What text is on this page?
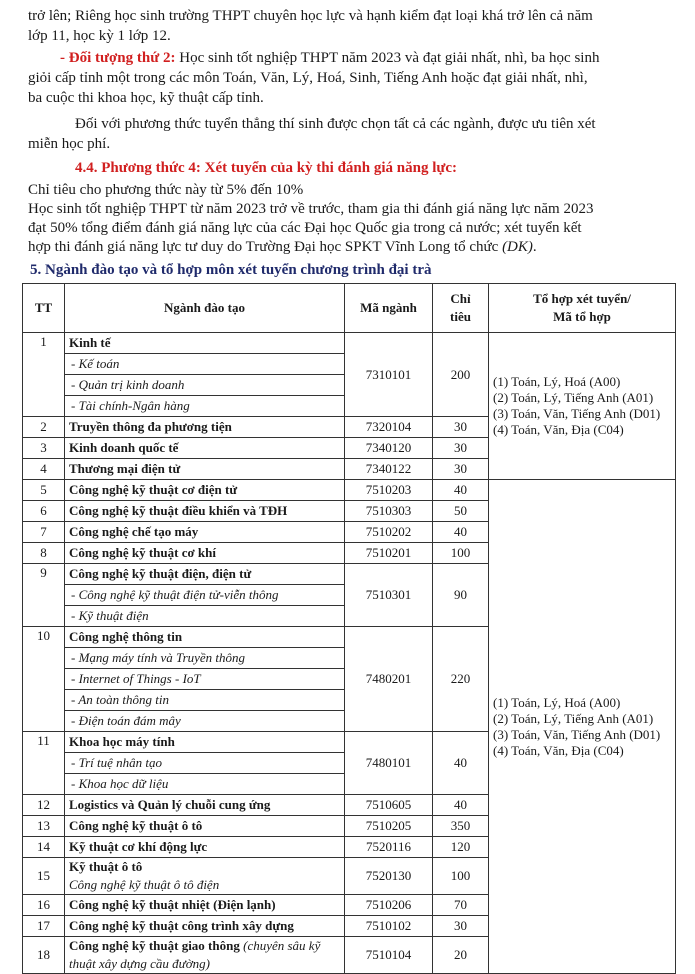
trở lên; Riêng học sinh trường THPT chuyên học lực và hạnh kiểm đạt loại khá trở lên cả năm
lớp 11, học kỳ 1 lớp 12.
- Đối tượng thứ 2: Học sinh tốt nghiệp THPT năm 2023 và đạt giải nhất, nhì, ba học sinh
giỏi cấp tỉnh một trong các môn Toán, Văn, Lý, Hoá, Sinh, Tiếng Anh hoặc đạt giải nhất, nhì,
ba cuộc thi khoa học, kỹ thuật cấp tỉnh.
Đối với phương thức tuyển thẳng thí sinh được chọn tất cả các ngành, được ưu tiên xét
miễn học phí.
4.4. Phương thức 4: Xét tuyển của kỳ thi đánh giá năng lực:
Chỉ tiêu cho phương thức này từ 5% đến 10%
Học sinh tốt nghiệp THPT từ năm 2023 trở về trước, tham gia thi đánh giá năng lực năm 2023
đạt 50% tổng điểm đánh giá năng lực của các Đại học Quốc gia trong cả nước; xét tuyển kết
hợp thi đánh giá năng lực tư duy do Trường Đại học SPKT Vĩnh Long tổ chức (DK).
5. Ngành đào tạo và tổ hợp môn xét tuyển chương trình đại trà
TT	Ngành đào tạo	Mã ngành	Chỉ
tiêu	Tổ hợp xét tuyển/
Mã tổ hợp
1	Kinh tế	7310101	200	(1) Toán, Lý, Hoá (A00)
(2) Toán, Lý, Tiếng Anh (A01)
(3) Toán, Văn, Tiếng Anh (D01)
(4) Toán, Văn, Địa (C04)

	- Kế toán			
	- Quản trị kinh doanh			
	- Tài chính-Ngân hàng			
2	Truyền thông đa phương tiện	7320104	30	
3	Kinh doanh quốc tế	7340120	30	
4	Thương mại điện tử	7340122	30	
5	Công nghệ kỹ thuật cơ điện tử	7510203	40	(1) Toán, Lý, Hoá (A00)
(2) Toán, Lý, Tiếng Anh (A01)
(3) Toán, Văn, Tiếng Anh (D01)
(4) Toán, Văn, Địa (C04)

6	Công nghệ kỹ thuật điều khiển và TĐH	7510303	50	
7	Công nghệ chế tạo máy	7510202	40	
8	Công nghệ kỹ thuật cơ khí	7510201	100	
9	Công nghệ kỹ thuật điện, điện tử	7510301	90	
	- Công nghệ kỹ thuật điện tử-viễn thông			
	- Kỹ thuật điện			
10	Công nghệ thông tin	7480201	220	
	- Mạng máy tính và Truyền thông			
	- Internet of Things - IoT			
	- An toàn thông tin			
	- Điện toán đám mây			
11	Khoa học máy tính	7480101	40	
	- Trí tuệ nhân tạo			
	- Khoa học dữ liệu			
12	Logistics và Quản lý chuỗi cung ứng	7510605	40	
13	Công nghệ kỹ thuật ô tô	7510205	350	
14	Kỹ thuật cơ khí động lực	7520116	120	
15	Kỹ thuật ô tô
Công nghệ kỹ thuật ô tô điện	7520130	100	
16	Công nghệ kỹ thuật nhiệt (Điện lạnh)	7510206	70	
17	Công nghệ kỹ thuật công trình xây dựng	7510102	30	
18	Công nghệ kỹ thuật giao thông (chuyên sâu kỹ thuật xây dựng cầu đường)	7510104	20	
